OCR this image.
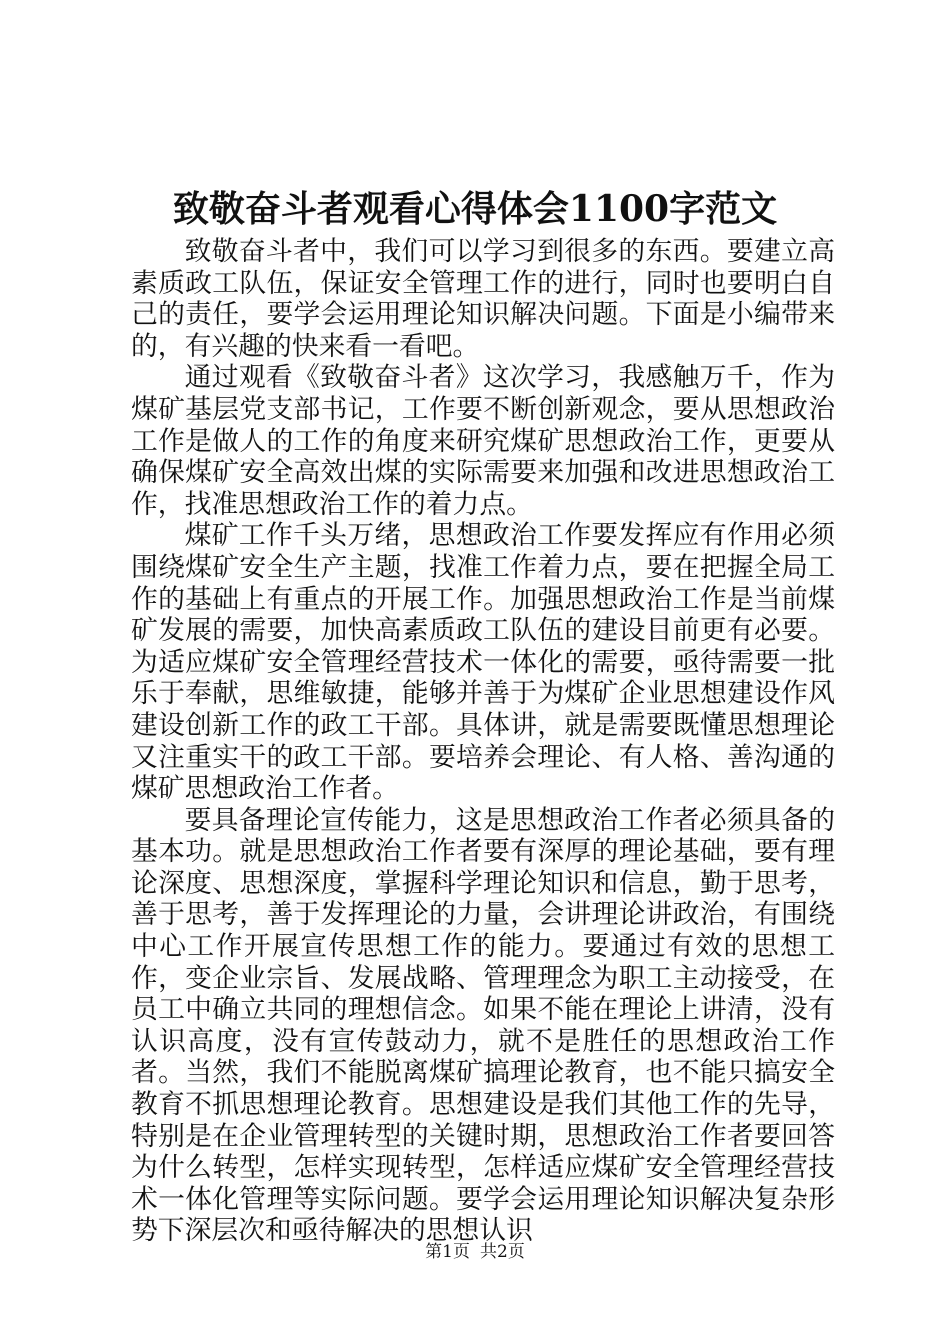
致敬奋斗者观看心得体会1100字范文

致敬奋斗者中，我们可以学习到很多的东西。要建立高素质政工队伍，保证安全管理工作的进行，同时也要明白自己的责任，要学会运用理论知识解决问题。下面是小编带来的，有兴趣的快来看一看吧。

通过观看《致敬奋斗者》这次学习，我感触万千，作为煤矿基层党支部书记，工作要不断创新观念，要从思想政治工作是做人的工作的角度来研究煤矿思想政治工作，更要从确保煤矿安全高效出煤的实际需要来加强和改进思想政治工作，找准思想政治工作的着力点。

煤矿工作千头万绪，思想政治工作要发挥应有作用必须围绕煤矿安全生产主题，找准工作着力点，要在把握全局工作的基础上有重点的开展工作。加强思想政治工作是当前煤矿发展的需要，加快高素质政工队伍的建设目前更有必要。为适应煤矿安全管理经营技术一体化的需要，亟待需要一批乐于奉献，思维敏捷，能够并善于为煤矿企业思想建设作风建设创新工作的政工干部。具体讲，就是需要既懂思想理论又注重实干的政工干部。要培养会理论、有人格、善沟通的煤矿思想政治工作者。

要具备理论宣传能力，这是思想政治工作者必须具备的基本功。就是思想政治工作者要有深厚的理论基础，要有理论深度、思想深度，掌握科学理论知识和信息，勤于思考，善于思考，善于发挥理论的力量，会讲理论讲政治，有围绕中心工作开展宣传思想工作的能力。要通过有效的思想工作，变企业宗旨、发展战略、管理理念为职工主动接受，在员工中确立共同的理想信念。如果不能在理论上讲清，没有认识高度，没有宣传鼓动力，就不是胜任的思想政治工作者。当然，我们不能脱离煤矿搞理论教育，也不能只搞安全教育不抓思想理论教育。思想建设是我们其他工作的先导，特别是在企业管理转型的关键时期，思想政治工作者要回答为什么转型，怎样实现转型，怎样适应煤矿安全管理经营技术一体化管理等实际问题。要学会运用理论知识解决复杂形势下深层次和亟待解决的思想认识

第1页 共2页
